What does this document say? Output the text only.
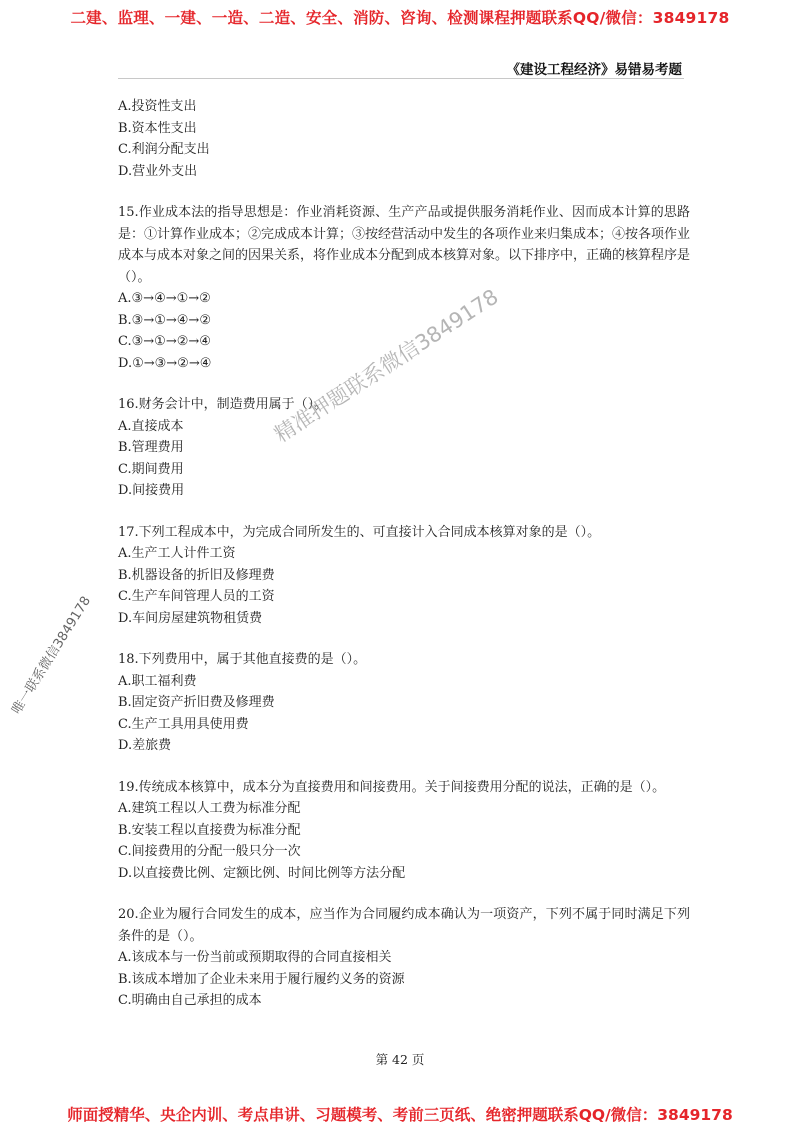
二建、监理、一建、一造、二造、安全、消防、咨询、检测课程押题联系QQ/微信：3849178
《建设工程经济》易错易考题

A.投资性支出

B.资本性支出

C.利润分配支出

D.营业外支出

15.作业成本法的指导思想是：作业消耗资源、生产产品或提供服务消耗作业、因而成本计算的思路是：①计算作业成本；②完成成本计算；③按经营活动中发生的各项作业来归集成本；④按各项作业成本与成本对象之间的因果关系，将作业成本分配到成本核算对象。以下排序中，正确的核算程序是（）。

A.③→④→①→②

B.③→①→④→②

C.③→①→②→④

D.①→③→②→④

16.财务会计中，制造费用属于（）。

A.直接成本

B.管理费用

C.期间费用

D.间接费用

17.下列工程成本中，为完成合同所发生的、可直接计入合同成本核算对象的是（）。

A.生产工人计件工资

B.机器设备的折旧及修理费

C.生产车间管理人员的工资

D.车间房屋建筑物租赁费

18.下列费用中，属于其他直接费的是（）。

A.职工福利费

B.固定资产折旧费及修理费

C.生产工具用具使用费

D.差旅费

19.传统成本核算中，成本分为直接费用和间接费用。关于间接费用分配的说法，正确的是（）。

A.建筑工程以人工费为标准分配

B.安装工程以直接费为标准分配

C.间接费用的分配一般只分一次

D.以直接费比例、定额比例、时间比例等方法分配

20.企业为履行合同发生的成本，应当作为合同履约成本确认为一项资产，下列不属于同时满足下列条件的是（）。

A.该成本与一份当前或预期取得的合同直接相关

B.该成本增加了企业未来用于履行履约义务的资源

C.明确由自己承担的成本

精准押题联系微信3849178
唯一联系微信3849178
第 42 页
师面授精华、央企内训、考点串讲、习题模考、考前三页纸、绝密押题联系QQ/微信：3849178
